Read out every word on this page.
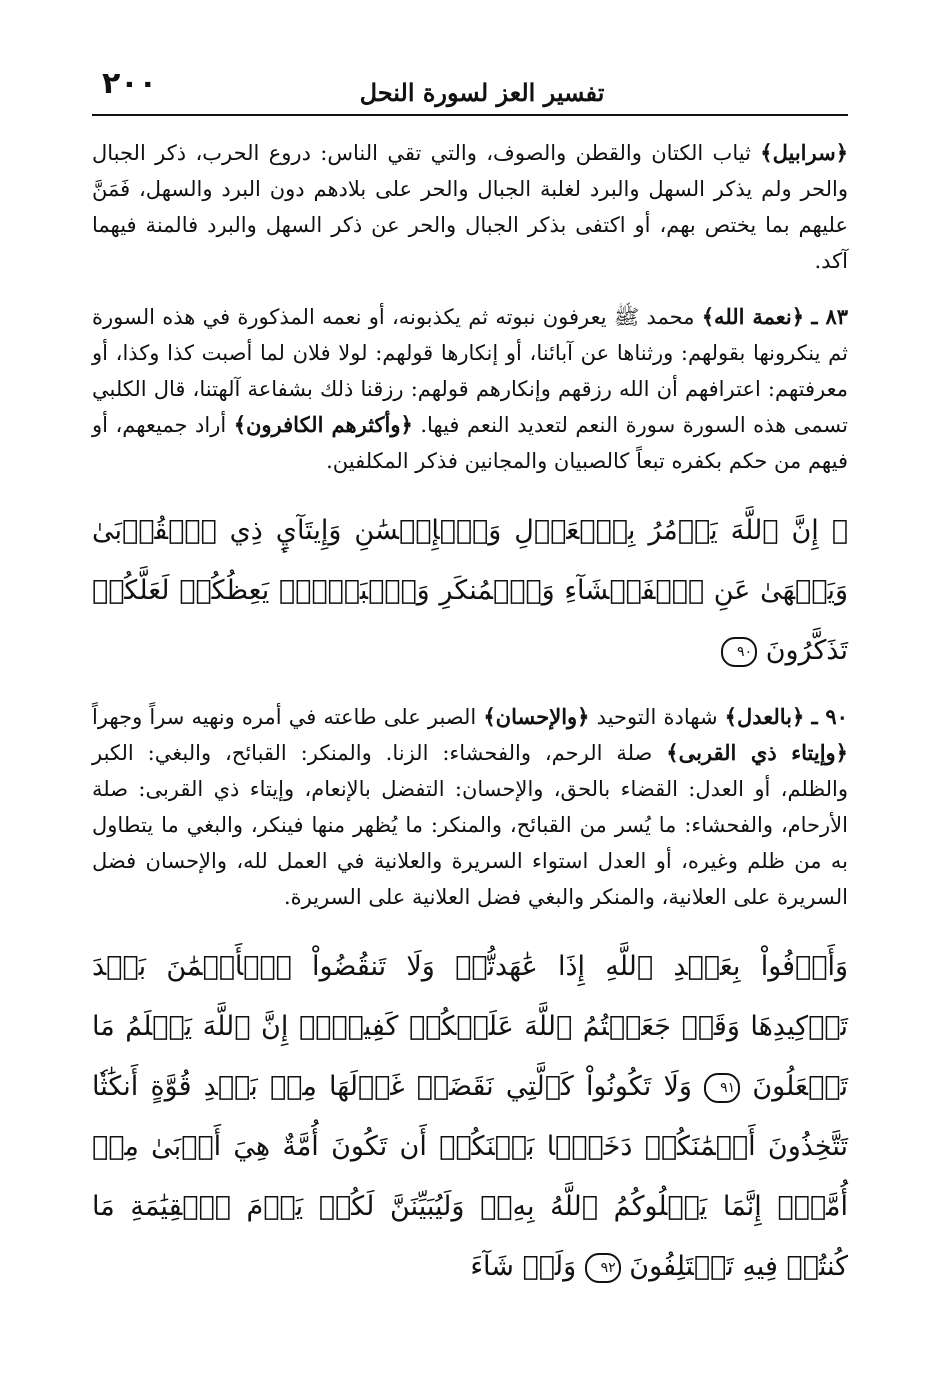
٢٠٠	تفسير العز لسورة النحل

﴿سرابيل﴾ ثياب الكتان والقطن والصوف، والتي تقي الناس: دروع الحرب، ذكر الجبال والحر ولم يذكر السهل والبرد لغلبة الجبال والحر على بلادهم دون البرد والسهل، فَمَنَّ عليهم بما يختص بهم، أو اكتفى بذكر الجبال والحر عن ذكر السهل والبرد فالمنة فيهما آكد.

٨٣ ـ ﴿نعمة الله﴾ محمد ﷺ يعرفون نبوته ثم يكذبونه، أو نعمه المذكورة في هذه السورة ثم ينكرونها بقولهم: ورثناها عن آبائنا، أو إنكارها قولهم: لولا فلان لما أصبت كذا وكذا، أو معرفتهم: اعترافهم أن الله رزقهم وإنكارهم قولهم: رزقنا ذلك بشفاعة آلهتنا، قال الكلبي تسمى هذه السورة سورة النعم لتعديد النعم فيها. ﴿وأكثرهم الكافرون﴾ أراد جميعهم، أو فيهم من حكم بكفره تبعاً كالصبيان والمجانين فذكر المكلفين.

۞ إِنَّ ٱللَّهَ يَأۡمُرُ بِٱلۡعَدۡلِ وَٱلۡإِحۡسَٰنِ وَإِيتَآيِٕ ذِي ٱلۡقُرۡبَىٰ وَيَنۡهَىٰ عَنِ ٱلۡفَحۡشَآءِ وَٱلۡمُنكَرِ وَٱلۡبَغۡيِۚ يَعِظُكُمۡ لَعَلَّكُمۡ تَذَكَّرُونَ ٩٠

٩٠ ـ ﴿بالعدل﴾ شهادة التوحيد ﴿والإحسان﴾ الصبر على طاعته في أمره ونهيه سراً وجهراً ﴿وإيتاء ذي القربى﴾ صلة الرحم، والفحشاء: الزنا. والمنكر: القبائح، والبغي: الكبر والظلم، أو العدل: القضاء بالحق، والإحسان: التفضل بالإنعام، وإيتاء ذي القربى: صلة الأرحام، والفحشاء: ما يُسر من القبائح، والمنكر: ما يُظهر منها فينكر، والبغي ما يتطاول به من ظلم وغيره، أو العدل استواء السريرة والعلانية في العمل لله، والإحسان فضل السريرة على العلانية، والمنكر والبغي فضل العلانية على السريرة.

وَأَوۡفُواْ بِعَهۡدِ ٱللَّهِ إِذَا عَٰهَدتُّمۡ وَلَا تَنقُضُواْ ٱلۡأَيۡمَٰنَ بَعۡدَ تَوۡكِيدِهَا وَقَدۡ جَعَلۡتُمُ ٱللَّهَ عَلَيۡكُمۡ كَفِيلًاۚ إِنَّ ٱللَّهَ يَعۡلَمُ مَا تَفۡعَلُونَ ٩١ وَلَا تَكُونُواْ كَٱلَّتِي نَقَضَتۡ غَزۡلَهَا مِنۢ بَعۡدِ قُوَّةٍ أَنكَٰثٗا تَتَّخِذُونَ أَيۡمَٰنَكُمۡ دَخَلَۢا بَيۡنَكُمۡ أَن تَكُونَ أُمَّةٌ هِيَ أَرۡبَىٰ مِنۡ أُمَّةٍۚ إِنَّمَا يَبۡلُوكُمُ ٱللَّهُ بِهِۦۚ وَلَيُبَيِّنَنَّ لَكُمۡ يَوۡمَ ٱلۡقِيَٰمَةِ مَا كُنتُمۡ فِيهِ تَخۡتَلِفُونَ ٩٢ وَلَوۡ شَآءَ
